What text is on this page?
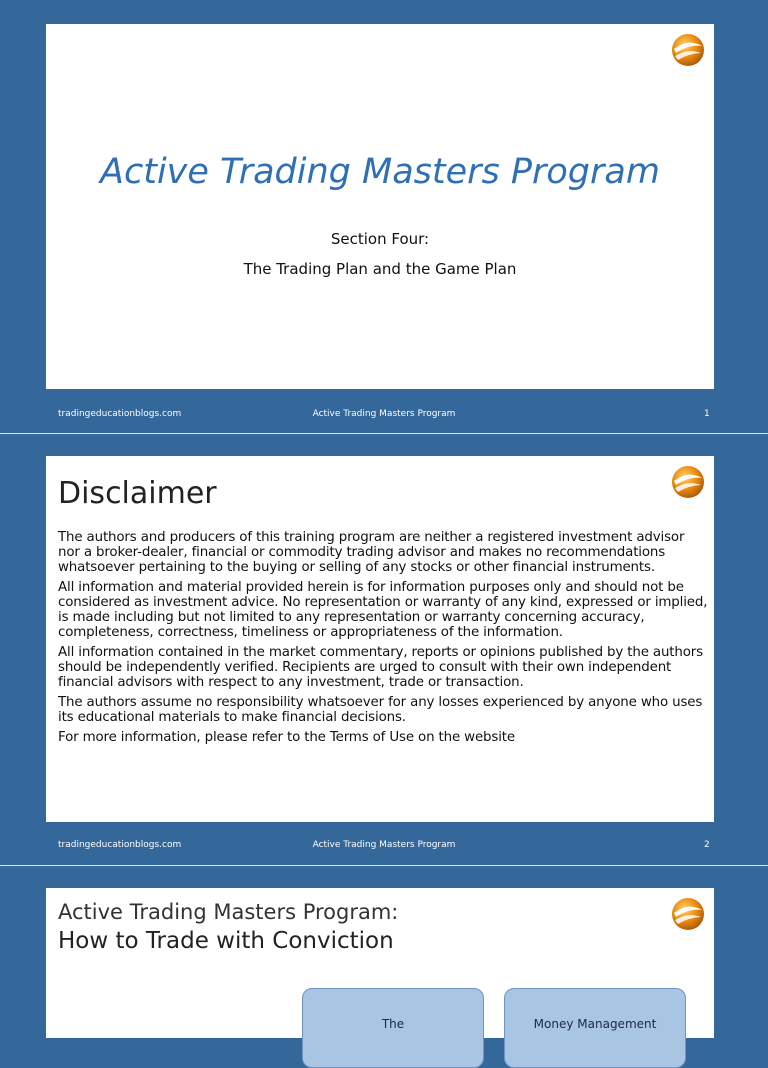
Active Trading Masters Program
Section Four:
The Trading Plan and the Game Plan
tradingeducationblogs.com	Active Trading Masters Program	1
Disclaimer

The authors and producers of this training program are neither a registered investment advisor nor a broker-dealer, financial or commodity trading advisor and makes no recommendations whatsoever pertaining to the buying or selling of any stocks or other financial instruments.

All information and material provided herein is for information purposes only and should not be considered as investment advice. No representation or warranty of any kind, expressed or implied, is made including but not limited to any representation or warranty concerning accuracy, completeness, correctness, timeliness or appropriateness of the information.

All information contained in the market commentary, reports or opinions published by the authors should be independently verified. Recipients are urged to consult with their own independent financial advisors with respect to any investment, trade or transaction.

The authors assume no responsibility whatsoever for any losses experienced by anyone who uses its educational materials to make financial decisions.

For more information, please refer to the Terms of Use on the website

tradingeducationblogs.com	Active Trading Masters Program	2
Active Trading Masters Program:
How to Trade with Conviction
The	Money Management
